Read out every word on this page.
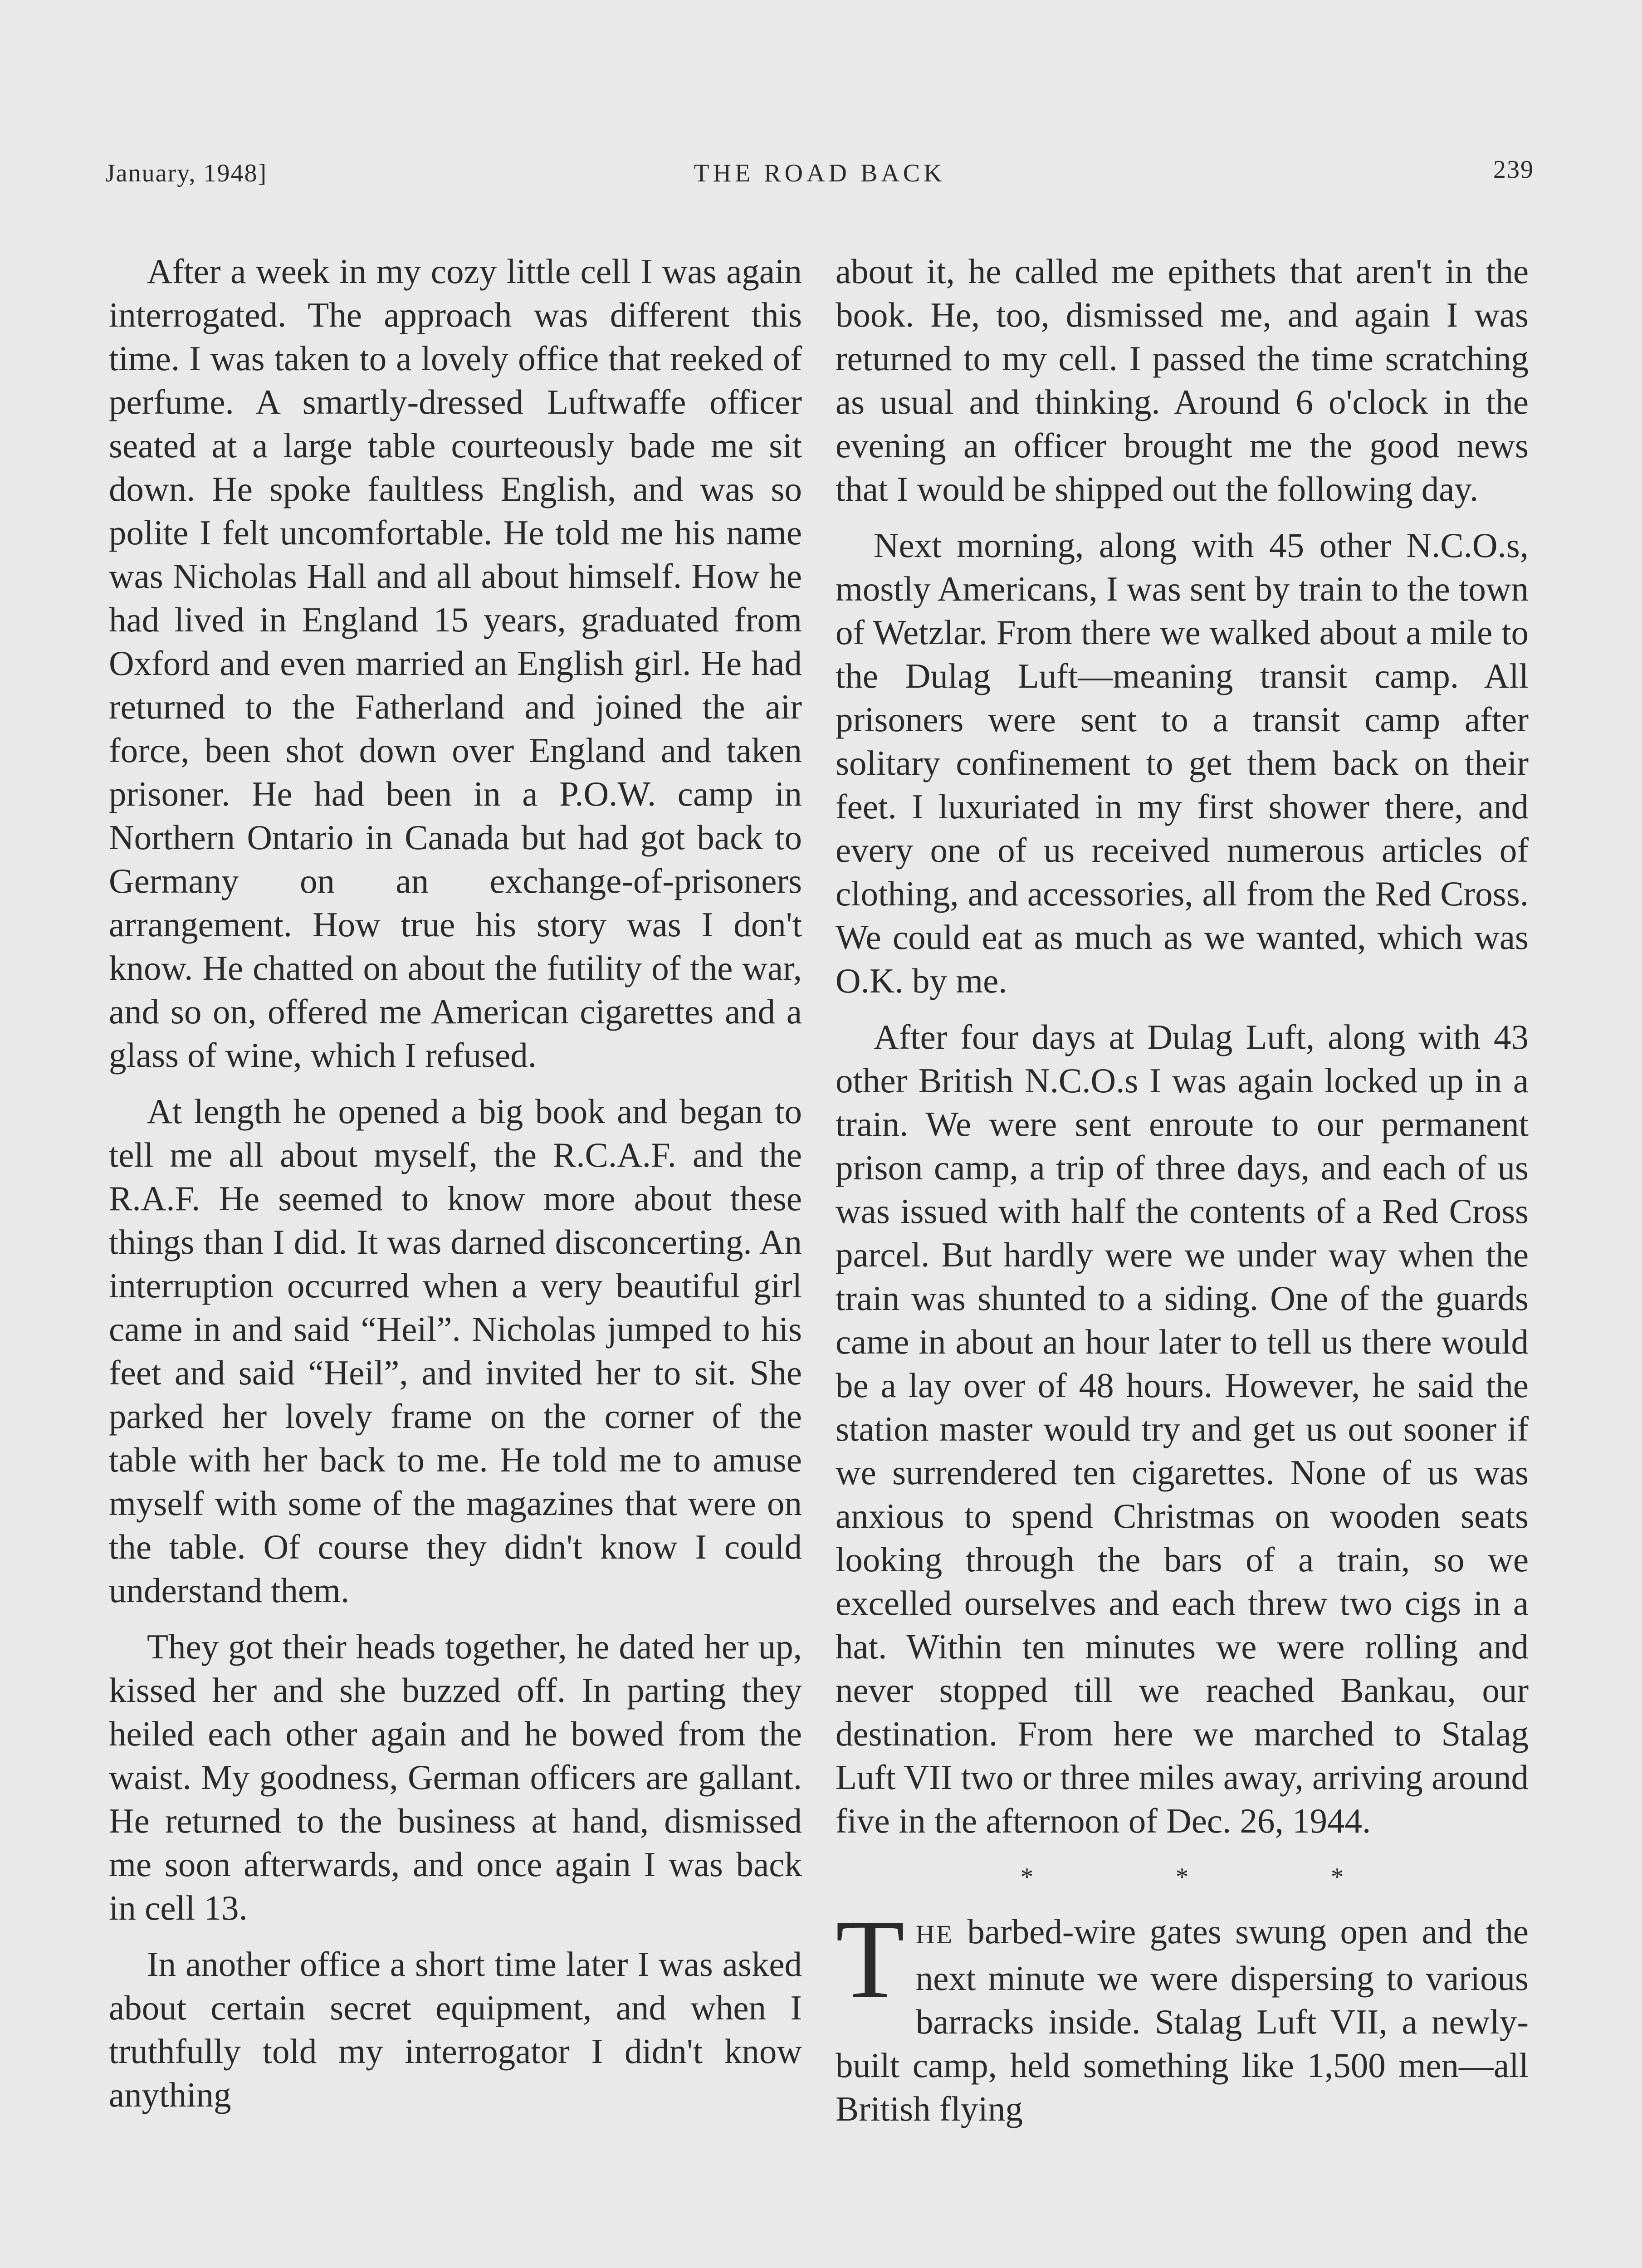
January, 1948]	THE ROAD BACK	239

After a week in my cozy little cell I was again interrogated. The approach was different this time. I was taken to a lovely office that reeked of perfume. A smartly-dressed Luftwaffe officer seated at a large table courteously bade me sit down. He spoke faultless English, and was so polite I felt uncomfortable. He told me his name was Nicholas Hall and all about himself. How he had lived in England 15 years, graduated from Oxford and even married an English girl. He had returned to the Fatherland and joined the air force, been shot down over England and taken prisoner. He had been in a P.O.W. camp in Northern Ontario in Canada but had got back to Germany on an exchange-of-prisoners arrangement. How true his story was I don't know. He chatted on about the futility of the war, and so on, offered me American cigarettes and a glass of wine, which I refused.

At length he opened a big book and began to tell me all about myself, the R.C.A.F. and the R.A.F. He seemed to know more about these things than I did. It was darned disconcerting. An interruption occurred when a very beautiful girl came in and said “Heil”. Nicholas jumped to his feet and said “Heil”, and invited her to sit. She parked her lovely frame on the corner of the table with her back to me. He told me to amuse myself with some of the magazines that were on the table. Of course they didn't know I could understand them.

They got their heads together, he dated her up, kissed her and she buzzed off. In parting they heiled each other again and he bowed from the waist. My goodness, German officers are gallant. He returned to the business at hand, dismissed me soon afterwards, and once again I was back in cell 13.

In another office a short time later I was asked about certain secret equipment, and when I truthfully told my interrogator I didn't know anything

about it, he called me epithets that aren't in the book. He, too, dismissed me, and again I was returned to my cell. I passed the time scratching as usual and thinking. Around 6 o'clock in the evening an officer brought me the good news that I would be shipped out the following day.

Next morning, along with 45 other N.C.O.s, mostly Americans, I was sent by train to the town of Wetzlar. From there we walked about a mile to the Dulag Luft—meaning transit camp. All prisoners were sent to a transit camp after solitary confinement to get them back on their feet. I luxuriated in my first shower there, and every one of us received numerous articles of clothing, and accessories, all from the Red Cross. We could eat as much as we wanted, which was O.K. by me.

After four days at Dulag Luft, along with 43 other British N.C.O.s I was again locked up in a train. We were sent enroute to our permanent prison camp, a trip of three days, and each of us was issued with half the contents of a Red Cross parcel. But hardly were we under way when the train was shunted to a siding. One of the guards came in about an hour later to tell us there would be a lay over of 48 hours. However, he said the station master would try and get us out sooner if we surrendered ten cigarettes. None of us was anxious to spend Christmas on wooden seats looking through the bars of a train, so we excelled ourselves and each threw two cigs in a hat. Within ten minutes we were rolling and never stopped till we reached Bankau, our destination. From here we marched to Stalag Luft VII two or three miles away, arriving around five in the afternoon of Dec. 26, 1944.

* * *

THE barbed-wire gates swung open and the next minute we were dispersing to various barracks inside. Stalag Luft VII, a newly-built camp, held something like 1,500 men—all British flying
